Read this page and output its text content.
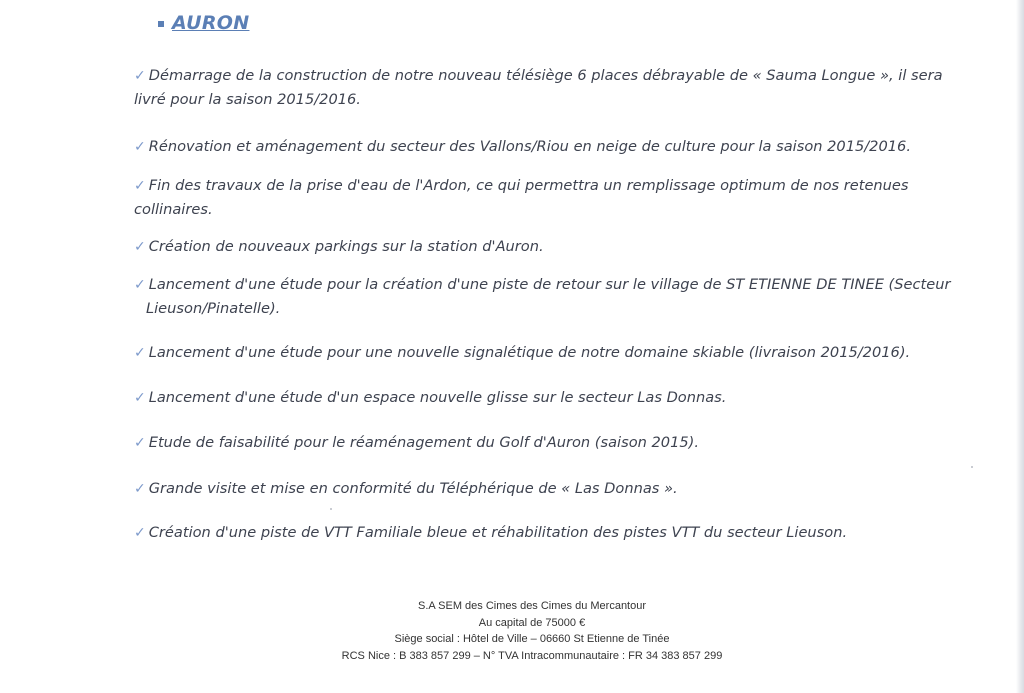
AURON
✓ Démarrage de la construction de notre nouveau télésiège 6 places débrayable de « Sauma Longue », il sera
livré pour la saison 2015/2016.
✓ Rénovation et aménagement du secteur des Vallons/Riou en neige de culture pour la saison 2015/2016.
✓ Fin des travaux de la prise d'eau de l'Ardon, ce qui permettra un remplissage optimum de nos retenues
collinaires.
✓ Création de nouveaux parkings sur la station d'Auron.
✓ Lancement d'une étude pour la création d'une piste de retour sur le village de ST ETIENNE DE TINEE (Secteur
Lieuson/Pinatelle).
✓ Lancement d'une étude pour une nouvelle signalétique de notre domaine skiable (livraison 2015/2016).
✓ Lancement d'une étude d'un espace nouvelle glisse sur le secteur Las Donnas.
✓ Etude de faisabilité pour le réaménagement du Golf d'Auron (saison 2015).
✓ Grande visite et mise en conformité du Téléphérique de « Las Donnas ».
✓ Création d'une piste de VTT Familiale bleue et réhabilitation des pistes VTT du secteur Lieuson.
S.A SEM des Cimes des Cimes du Mercantour
Au capital de 75000 €
Siège social : Hôtel de Ville – 06660 St Etienne de Tinée
RCS Nice : B 383 857 299 – N° TVA Intracommunautaire : FR 34 383 857 299
